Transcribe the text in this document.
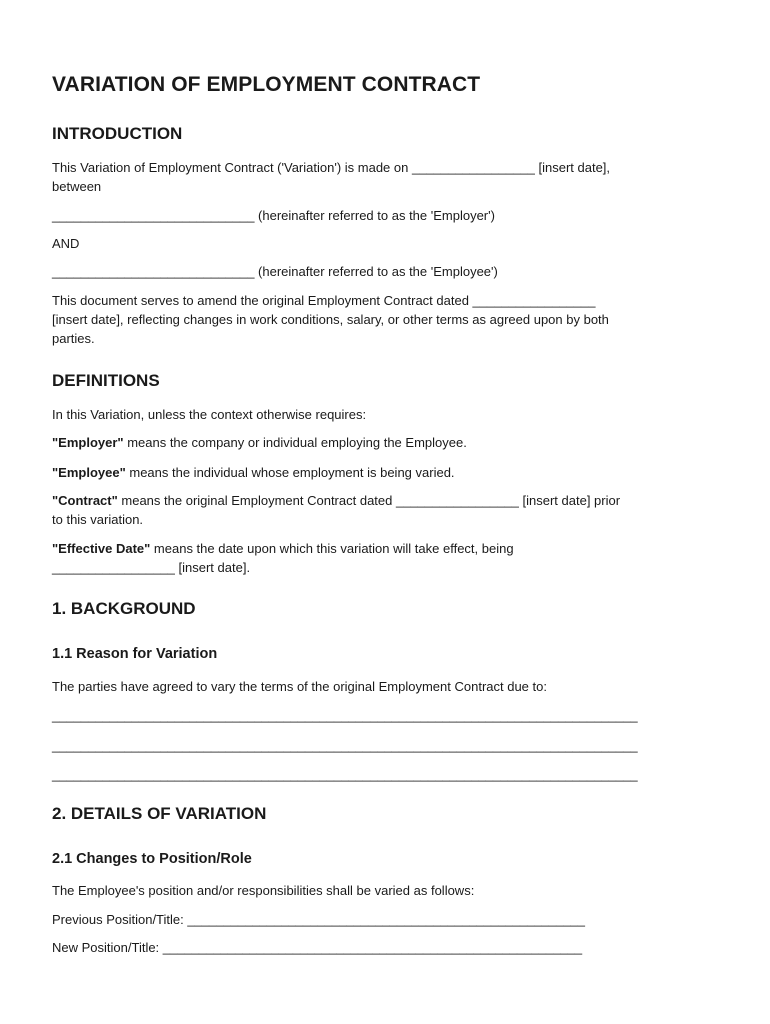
VARIATION OF EMPLOYMENT CONTRACT
INTRODUCTION

This Variation of Employment Contract ('Variation') is made on _________________ [insert date],

between

____________________________ (hereinafter referred to as the 'Employer')

AND

____________________________ (hereinafter referred to as the 'Employee')

This document serves to amend the original Employment Contract dated _________________

[insert date], reflecting changes in work conditions, salary, or other terms as agreed upon by both

parties.

DEFINITIONS

In this Variation, unless the context otherwise requires:

"Employer" means the company or individual employing the Employee.

"Employee" means the individual whose employment is being varied.

"Contract" means the original Employment Contract dated _________________ [insert date] prior

to this variation.

"Effective Date" means the date upon which this variation will take effect, being

_________________ [insert date].

1. BACKGROUND
1.1 Reason for Variation

The parties have agreed to vary the terms of the original Employment Contract due to:

_________________________________________________________________________________

_________________________________________________________________________________

_________________________________________________________________________________

2. DETAILS OF VARIATION
2.1 Changes to Position/Role

The Employee's position and/or responsibilities shall be varied as follows:

Previous Position/Title: _______________________________________________________

New Position/Title: __________________________________________________________
